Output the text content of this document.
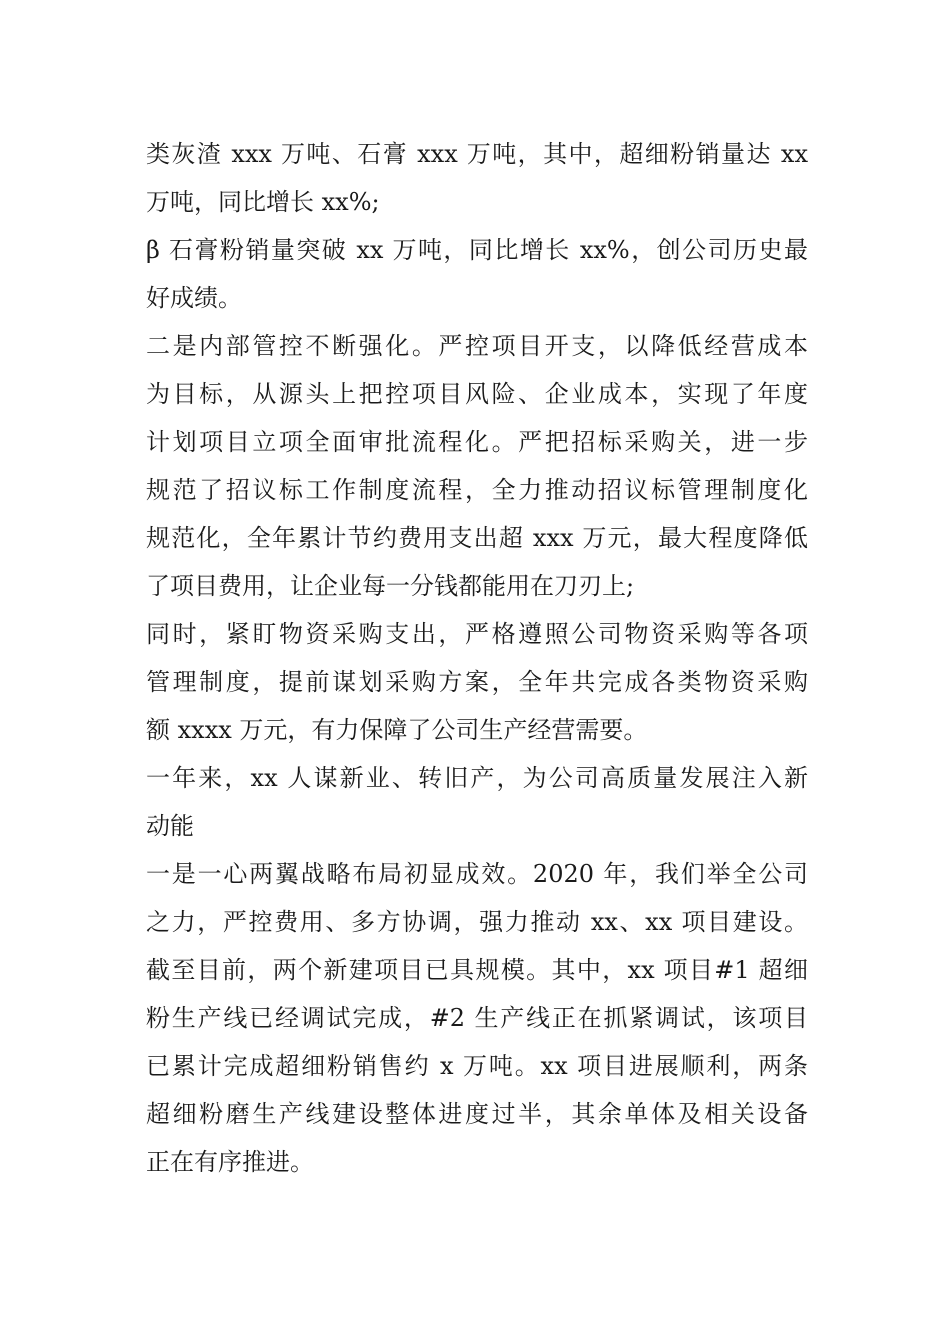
类灰渣 xxx 万吨、石膏 xxx 万吨，其中，超细粉销量达 xx
万吨，同比增长 xx%;
β 石膏粉销量突破 xx 万吨，同比增长 xx%，创公司历史最
好成绩。
二是内部管控不断强化。严控项目开支，以降低经营成本
为目标，从源头上把控项目风险、企业成本，实现了年度
计划项目立项全面审批流程化。严把招标采购关，进一步
规范了招议标工作制度流程，全力推动招议标管理制度化
规范化，全年累计节约费用支出超 xxx 万元，最大程度降低
了项目费用，让企业每一分钱都能用在刀刃上;
同时，紧盯物资采购支出，严格遵照公司物资采购等各项
管理制度，提前谋划采购方案，全年共完成各类物资采购
额 xxxx 万元，有力保障了公司生产经营需要。
一年来，xx 人谋新业、转旧产，为公司高质量发展注入新
动能
一是一心两翼战略布局初显成效。2020 年，我们举全公司
之力，严控费用、多方协调，强力推动 xx、xx 项目建设。
截至目前，两个新建项目已具规模。其中，xx 项目#1 超细
粉生产线已经调试完成，#2 生产线正在抓紧调试，该项目
已累计完成超细粉销售约 x 万吨。xx 项目进展顺利，两条
超细粉磨生产线建设整体进度过半，其余单体及相关设备
正在有序推进。
